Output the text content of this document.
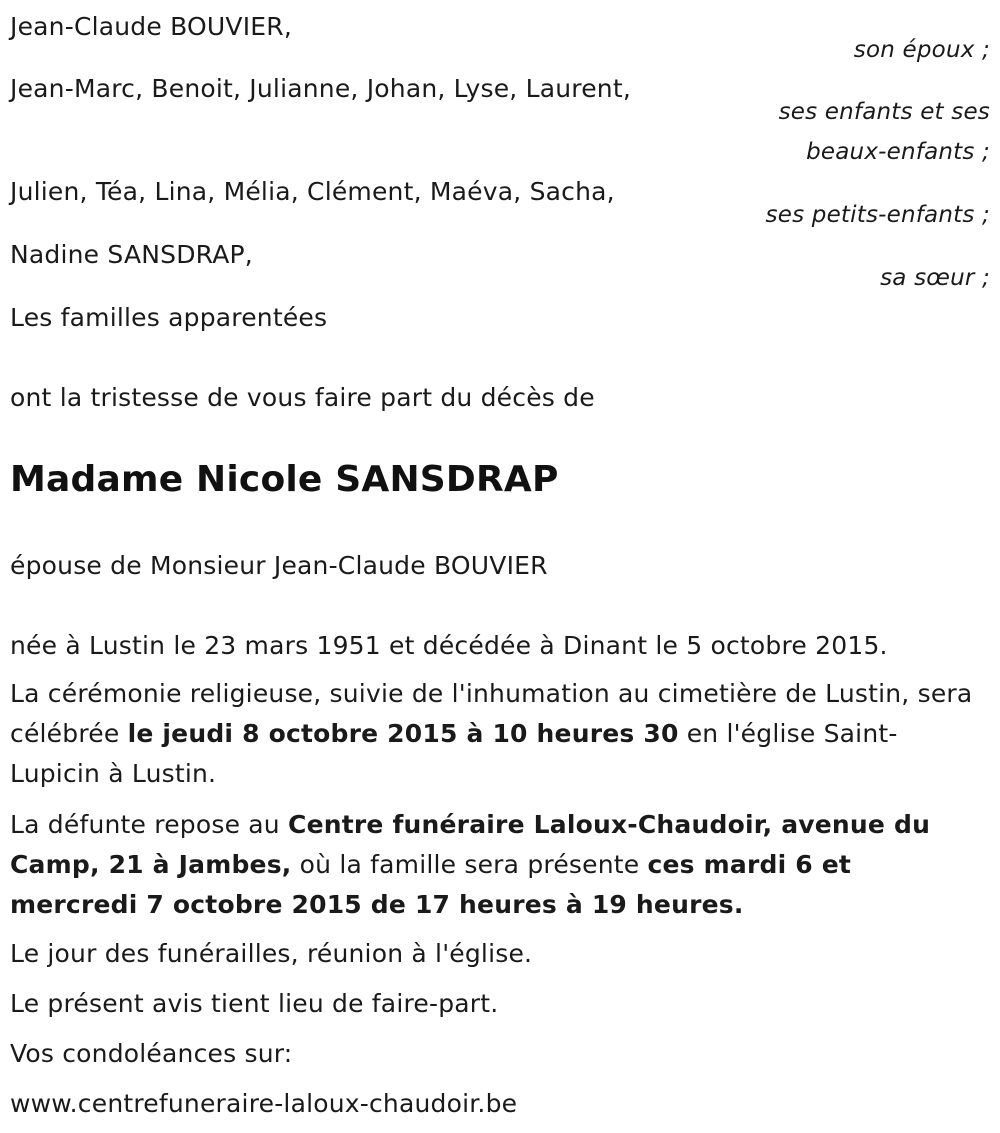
Jean-Claude BOUVIER,
son époux ;
Jean-Marc, Benoit, Julianne, Johan, Lyse, Laurent,
ses enfants et ses
beaux-enfants ;
Julien, Téa, Lina, Mélia, Clément, Maéva, Sacha,
ses petits-enfants ;
Nadine SANSDRAP,
sa sœur ;
Les familles apparentées
ont la tristesse de vous faire part du décès de
Madame Nicole SANSDRAP
épouse de Monsieur Jean-Claude BOUVIER
née à Lustin le 23 mars 1951 et décédée à Dinant le 5 octobre 2015.
La cérémonie religieuse, suivie de l'inhumation au cimetière de Lustin, sera célébrée le jeudi 8 octobre 2015 à 10 heures 30 en l'église Saint-Lupicin à Lustin.
La défunte repose au Centre funéraire Laloux-Chaudoir, avenue du Camp, 21 à Jambes, où la famille sera présente ces mardi 6 et mercredi 7 octobre 2015 de 17 heures à 19 heures.
Le jour des funérailles, réunion à l'église.
Le présent avis tient lieu de faire-part.
Vos condoléances sur:
www.centrefuneraire-laloux-chaudoir.be
